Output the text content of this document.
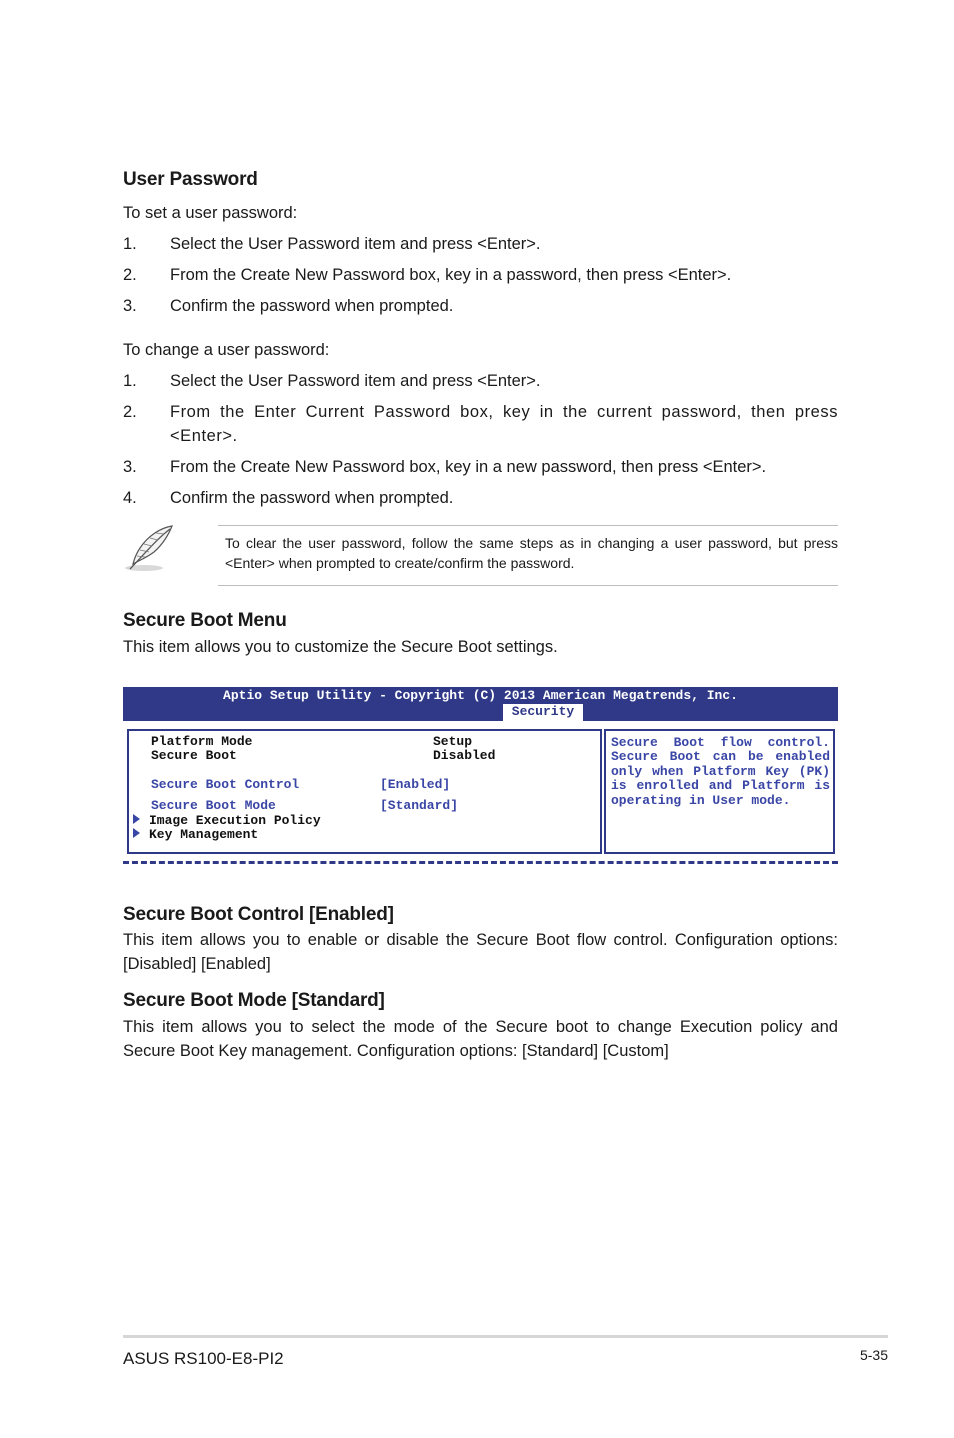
User Password

To set a user password:

1. Select the User Password item and press <Enter>.
2. From the Create New Password box, key in a password, then press <Enter>.
3. Confirm the password when prompted.

To change a user password:

1. Select the User Password item and press <Enter>.
2. From the Enter Current Password box, key in the current password, then press <Enter>.
3. From the Create New Password box, key in a new password, then press <Enter>.
4. Confirm the password when prompted.
To clear the user password, follow the same steps as in changing a user password, but press <Enter> when prompted to create/confirm the password.
Secure Boot Menu

This item allows you to customize the Secure Boot settings.

Aptio Setup Utility - Copyright (C) 2013 American Megatrends, Inc.
Security
Platform Mode	Setup
Secure Boot	Disabled
Secure Boot Control	[Enabled]
Secure Boot Mode	[Standard]
Image Execution Policy
Key Management
Secure Boot flow control. Secure Boot can be enabled only when Platform Key (PK) is enrolled and Platform is operating in User mode.
Secure Boot Control [Enabled]

This item allows you to enable or disable the Secure Boot flow control. Configuration options: [Disabled] [Enabled]

Secure Boot Mode [Standard]

This item allows you to select the mode of the Secure boot to change Execution policy and Secure Boot Key management. Configuration options: [Standard] [Custom]

ASUS RS100-E8-PI2	5-35
